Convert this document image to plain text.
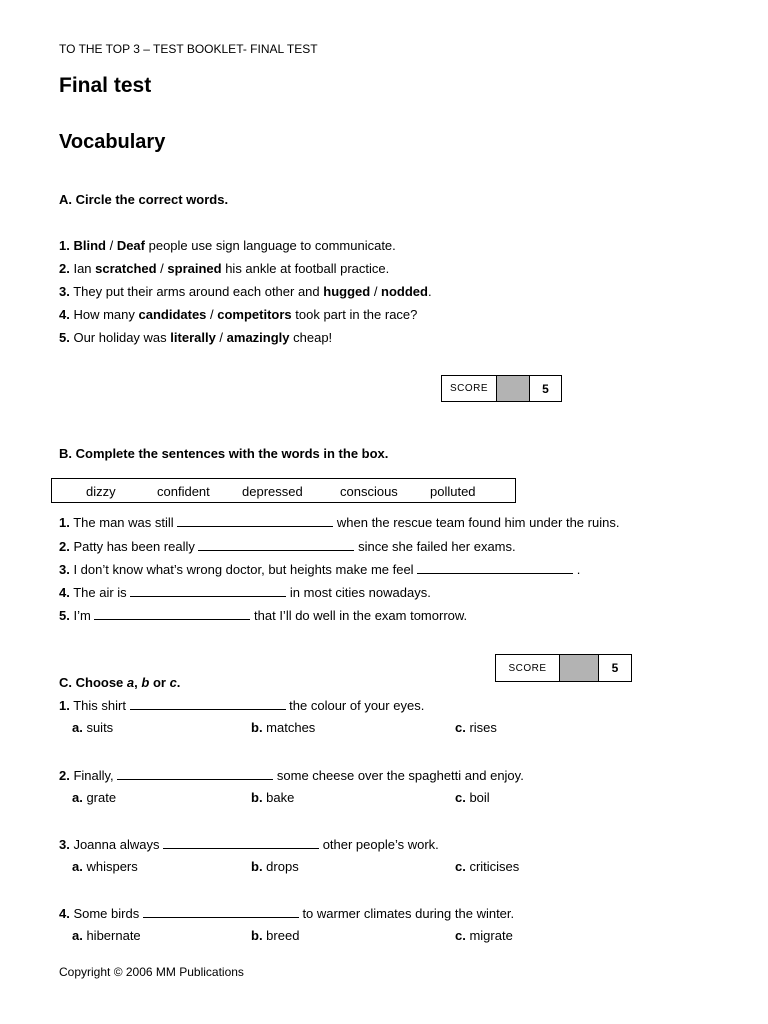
TO THE TOP 3 – TEST BOOKLET- FINAL TEST
Final test
Vocabulary
A. Circle the correct words.
1. Blind / Deaf people use sign language to communicate.
2. Ian scratched / sprained his ankle at football practice.
3. They put their arms around each other and hugged / nodded.
4. How many candidates / competitors took part in the race?
5. Our holiday was literally / amazingly cheap!
SCORE	5
B. Complete the sentences with the words in the box.
dizzy	confident depressed	conscious polluted
1. The man was still	when the rescue team found him under the ruins.
2. Patty has been really	since she failed her exams.
3. I don’t know what’s wrong doctor, but heights make me feel	.
4. The air is	in most cities nowadays.
5. I’m	that I’ll do well in the exam tomorrow.
SCORE	5
C. Choose a, b or c.
1. This shirt	the colour of your eyes.
a. suits	b. matches	c. rises
2. Finally,	some cheese over the spaghetti and enjoy.
a. grate	b. bake	c. boil
3. Joanna always	other people’s work.
a. whispers	b. drops	c. criticises
4. Some birds	to warmer climates during the winter.
a. hibernate	b. breed	c. migrate
Copyright © 2006 MM Publications
